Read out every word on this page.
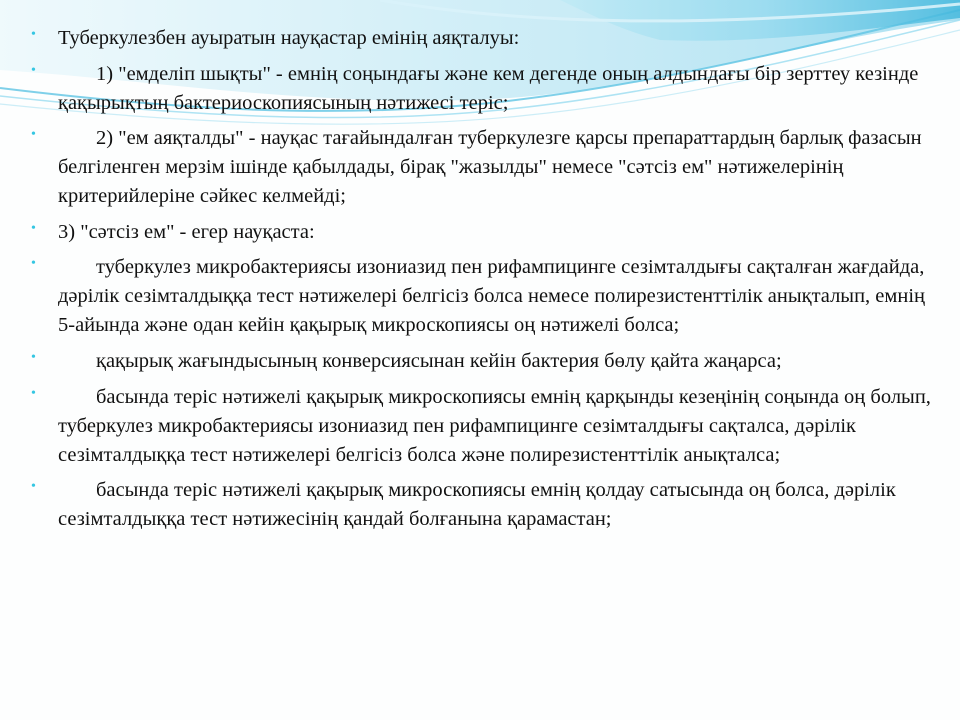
• Туберкулезбен ауыратын науқастар емінің аяқталуы:
•	1) "емделіп шықты" - емнің соңындағы және кем дегенде оның алдындағы бір зерттеу кезінде қақырықтың бактериоскопиясының нәтижесі теріс;
•	2) "ем аяқталды" - науқас тағайындалған туберкулезге қарсы препараттардың барлық фазасын белгіленген мерзім ішінде қабылдады, бірақ "жазылды" немесе "сәтсіз ем" нәтижелерінің критерийлеріне сәйкес келмейді;
• 3) "сәтсіз ем" - егер науқаста:
•	туберкулез микробактериясы изониазид пен рифампицинге сезімталдығы сақталған жағдайда, дәрілік сезімталдыққа тест нәтижелері белгісіз болса немесе полирезистенттілік анықталып, емнің 5-айында және одан кейін қақырық микроскопиясы оң нәтижелі болса;
•	қақырық жағындысының конверсиясынан кейін бактерия бөлу қайта жаңарса;
•	басында теріс нәтижелі қақырық микроскопиясы емнің қарқынды кезеңінің соңында оң болып, туберкулез микробактериясы изониазид пен рифампицинге сезімталдығы сақталса, дәрілік сезімталдыққа тест нәтижелері белгісіз болса және полирезистенттілік анықталса;
•	басында теріс нәтижелі қақырық микроскопиясы емнің қолдау сатысында оң болса, дәрілік сезімталдыққа тест нәтижесінің қандай болғанына қарамастан;
